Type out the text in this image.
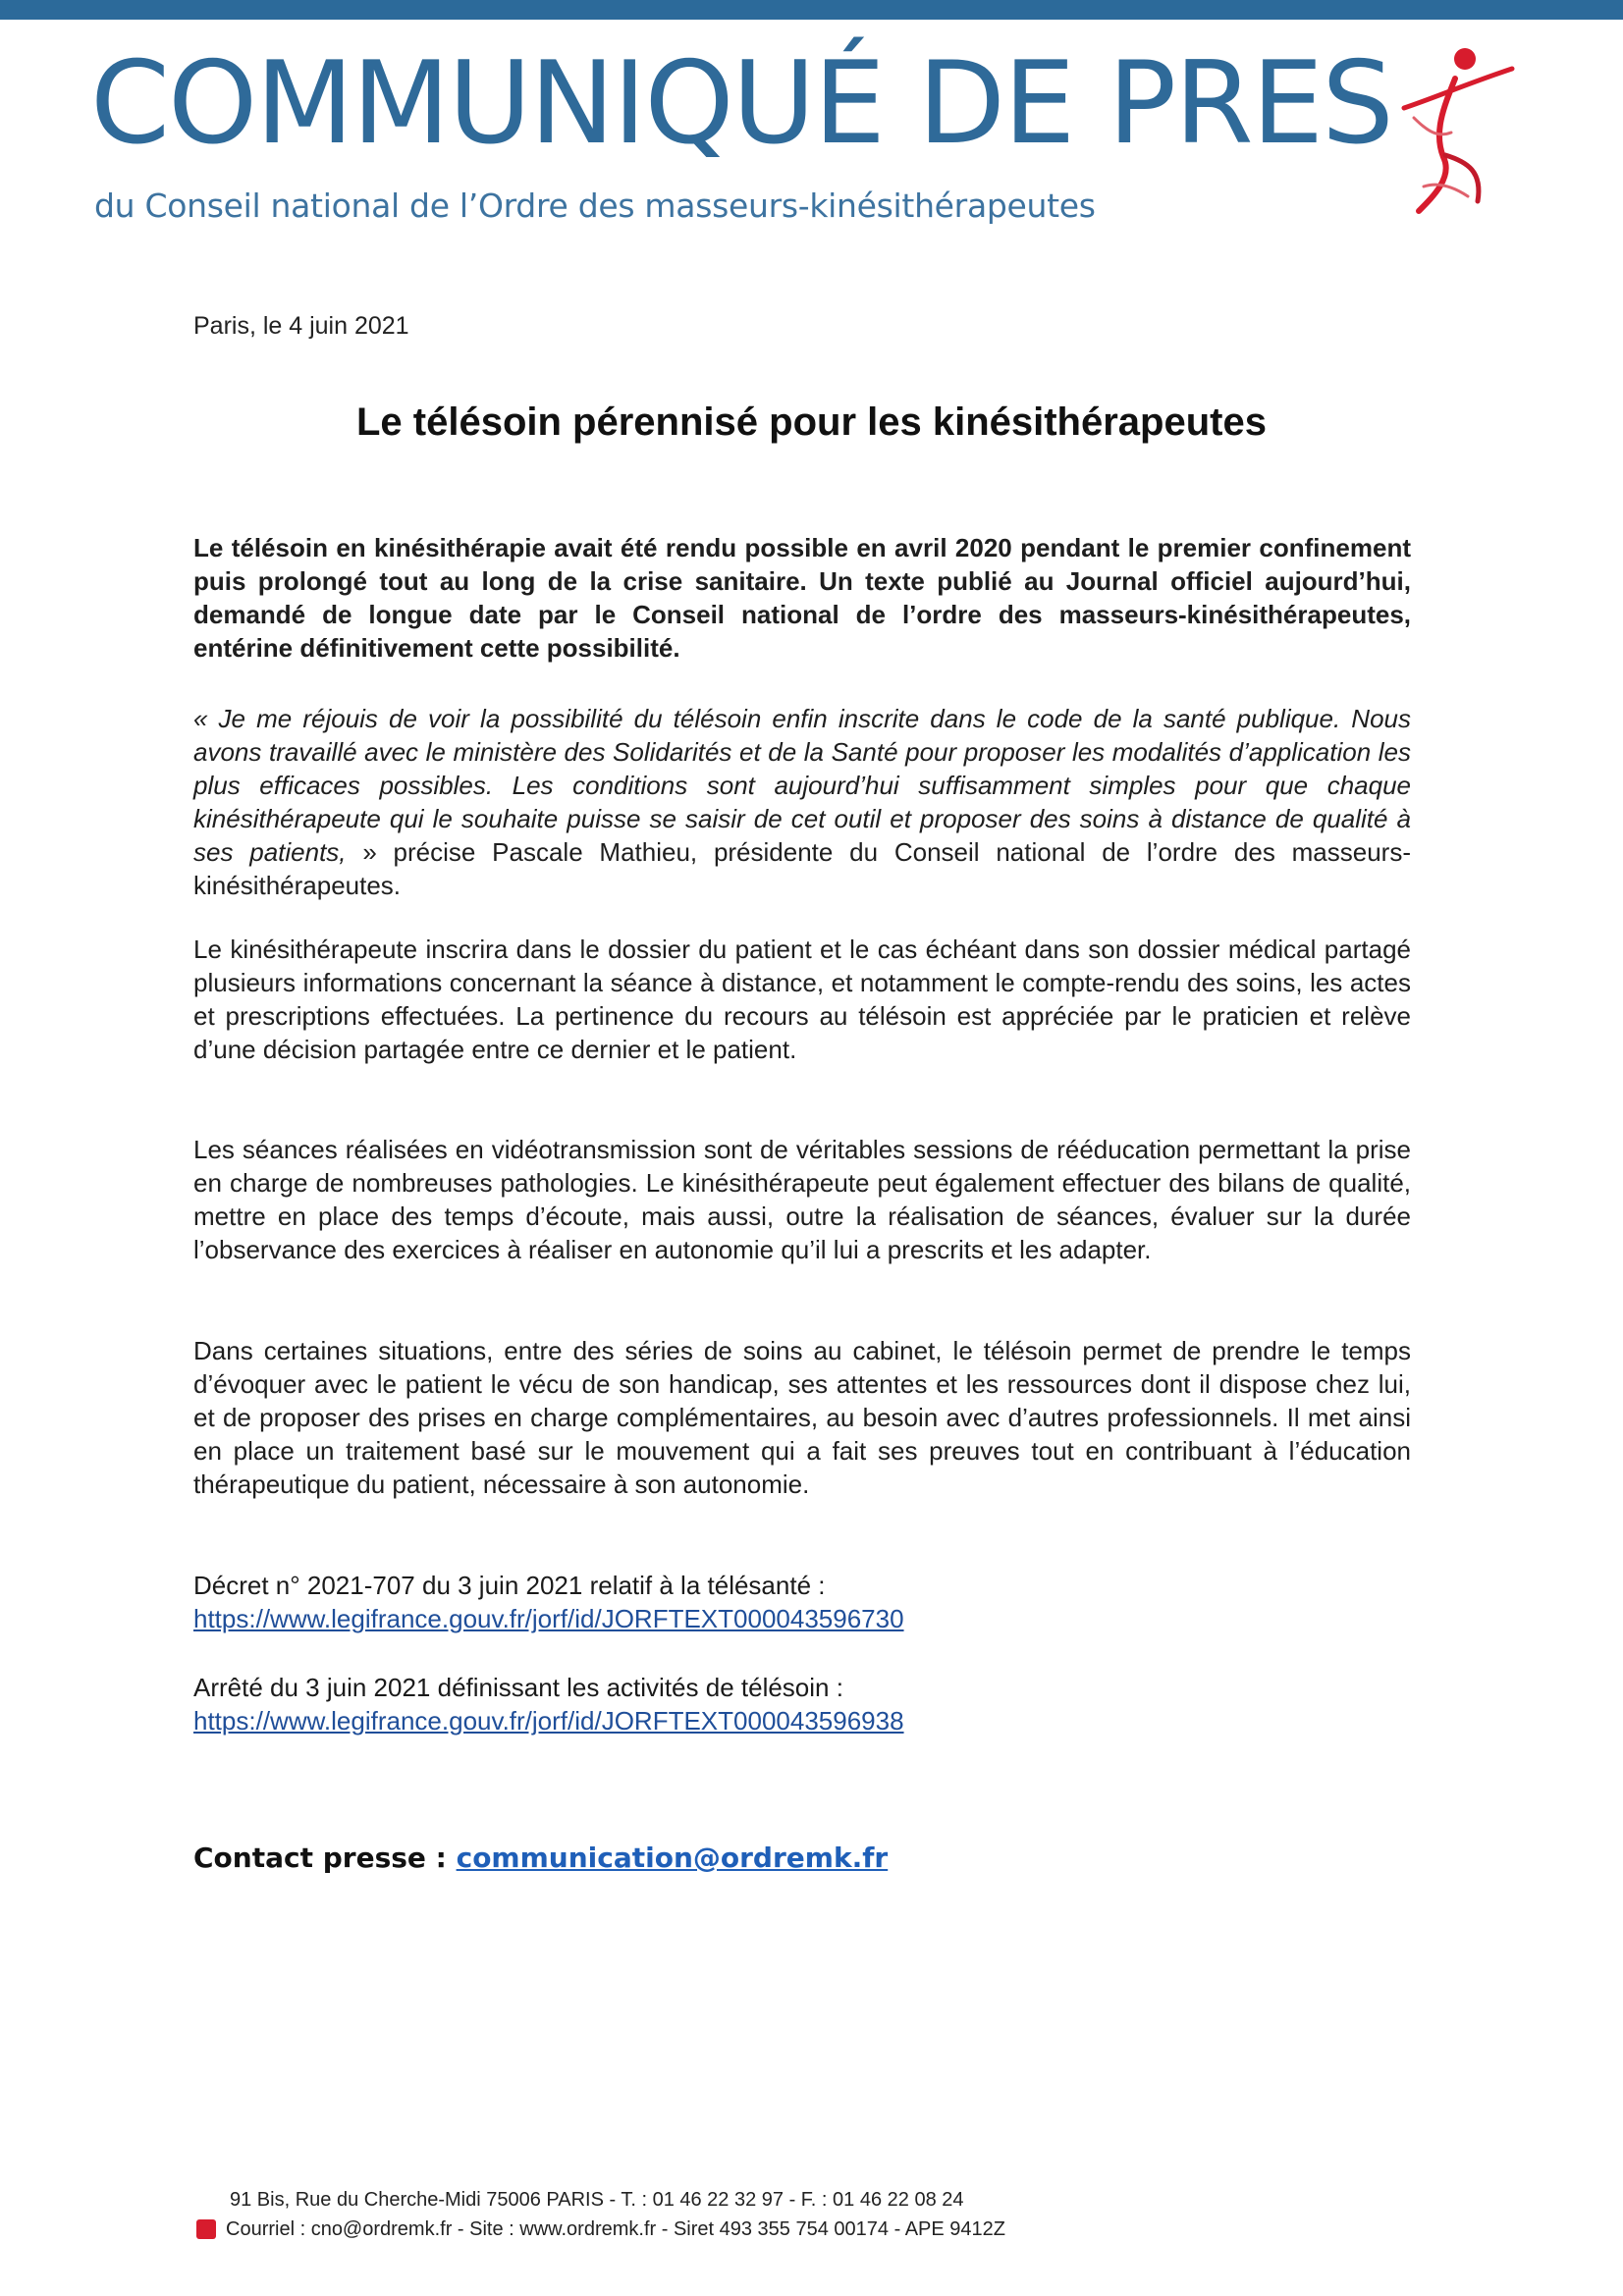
COMMUNIQUÉ DE PRES
du Conseil national de l’Ordre des masseurs-kinésithérapeutes
Paris, le 4 juin 2021
Le télésoin pérennisé pour les kinésithérapeutes

Le télésoin en kinésithérapie avait été rendu possible en avril 2020 pendant le premier confinement puis prolongé tout au long de la crise sanitaire. Un texte publié au Journal officiel aujourd’hui, demandé de longue date par le Conseil national de l’ordre des masseurs-kinésithérapeutes, entérine définitivement cette possibilité.

« Je me réjouis de voir la possibilité du télésoin enfin inscrite dans le code de la santé publique. Nous avons travaillé avec le ministère des Solidarités et de la Santé pour proposer les modalités d’application les plus efficaces possibles. Les conditions sont aujourd’hui suffisamment simples pour que chaque kinésithérapeute qui le souhaite puisse se saisir de cet outil et proposer des soins à distance de qualité à ses patients, » précise Pascale Mathieu, présidente du Conseil national de l’ordre des masseurs-kinésithérapeutes.

Le kinésithérapeute inscrira dans le dossier du patient et le cas échéant dans son dossier médical partagé plusieurs informations concernant la séance à distance, et notamment le compte-rendu des soins, les actes et prescriptions effectuées. La pertinence du recours au télésoin est appréciée par le praticien et relève d’une décision partagée entre ce dernier et le patient.

Les séances réalisées en vidéotransmission sont de véritables sessions de rééducation permettant la prise en charge de nombreuses pathologies. Le kinésithérapeute peut également effectuer des bilans de qualité, mettre en place des temps d’écoute, mais aussi, outre la réalisation de séances, évaluer sur la durée l’observance des exercices à réaliser en autonomie qu’il lui a prescrits et les adapter.

Dans certaines situations, entre des séries de soins au cabinet, le télésoin permet de prendre le temps d’évoquer avec le patient le vécu de son handicap, ses attentes et les ressources dont il dispose chez lui, et de proposer des prises en charge complémentaires, au besoin avec d’autres professionnels. Il met ainsi en place un traitement basé sur le mouvement qui a fait ses preuves tout en contribuant à l’éducation thérapeutique du patient, nécessaire à son autonomie.

Décret n° 2021-707 du 3 juin 2021 relatif à la télésanté :
https://www.legifrance.gouv.fr/jorf/id/JORFTEXT000043596730
Arrêté du 3 juin 2021 définissant les activités de télésoin :
https://www.legifrance.gouv.fr/jorf/id/JORFTEXT000043596938
Contact presse : communication@ordremk.fr
91 Bis, Rue du Cherche-Midi 75006 PARIS - T. : 01 46 22 32 97 - F. : 01 46 22 08 24
Courriel : cno@ordremk.fr - Site : www.ordremk.fr - Siret 493 355 754 00174 - APE 9412Z
